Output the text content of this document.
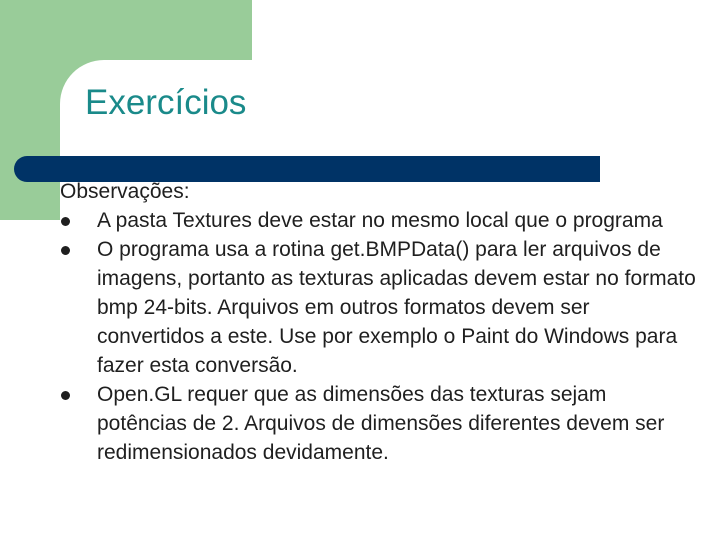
Exercícios

Observações:

A pasta Textures deve estar no mesmo local que o programa
O programa usa a rotina get.BMPData() para ler arquivos de imagens, portanto as texturas aplicadas devem estar no formato bmp 24-bits. Arquivos em outros formatos devem ser convertidos a este. Use por exemplo o Paint do Windows para fazer esta conversão.
Open.GL requer que as dimensões das texturas sejam potências de 2. Arquivos de dimensões diferentes devem ser redimensionados devidamente.
